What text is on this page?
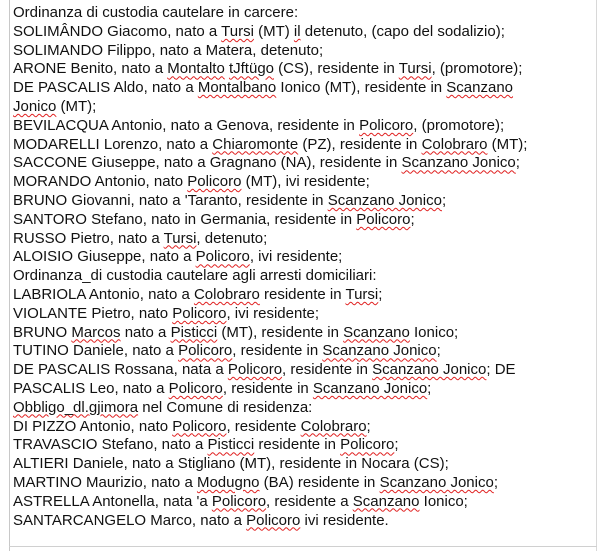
Ordinanza di custodia cautelare in carcere:
SOLIMÂNDO Giacomo, nato a Tursi (MT) il detenuto, (capo del sodalizio);
SOLIMANDO Filippo, nato a Matera, detenuto;
ARONE Benito, nato a Montalto tJftügo (CS), residente in Tursi, (promotore);
DE PASCALIS Aldo, nato a Montalbano Ionico (MT), residente in Scanzano
Jonico (MT);
BEVILACQUA Antonio, nato a Genova, residente in Policoro, (promotore);
MODARELLI Lorenzo, nato a Chiaromonte (PZ), residente in Colobraro (MT);
SACCONE Giuseppe, nato a Gragnano (NA), residente in Scanzano Jonico;
MORANDO Antonio, nato Policoro (MT), ivi residente;
BRUNO Giovanni, nato a 'Taranto, residente in Scanzano Jonico;
SANTORO Stefano, nato in Germania, residente in Policoro;
RUSSO Pietro, nato a Tursi, detenuto;
ALOISIO Giuseppe, nato a Policoro, ivi residente;
Ordinanza_di custodia cautelare agli arresti domiciliari:
LABRIOLA Antonio, nato a Colobraro residente in Tursi;
VIOLANTE Pietro, nato Policoro, ivi residente;
BRUNO Marcos nato a Pisticci (MT), residente in Scanzano Ionico;
TUTINO Daniele, nato a Policoro, residente in Scanzano Jonico;
DE PASCALIS Rossana, nata a Policoro, residente in Scanzano Jonico; DE
PASCALIS Leo, nato a Policoro, residente in Scanzano Jonico;
Obbligo_dl.gjimora nel Comune di residenza:
DI PIZZO Antonio, nato Policoro, residente Colobraro;
TRAVASCIO Stefano, nato a Pisticci residente in Policoro;
ALTIERI Daniele, nato a Stigliano (MT), residente in Nocara (CS);
MARTINO Maurizio, nato a Modugno (BA) residente in Scanzano Jonico;
ASTRELLA Antonella, nata 'a Policoro, residente a Scanzano Ionico;
SANTARCANGELO Marco, nato a Policoro ivi residente.
